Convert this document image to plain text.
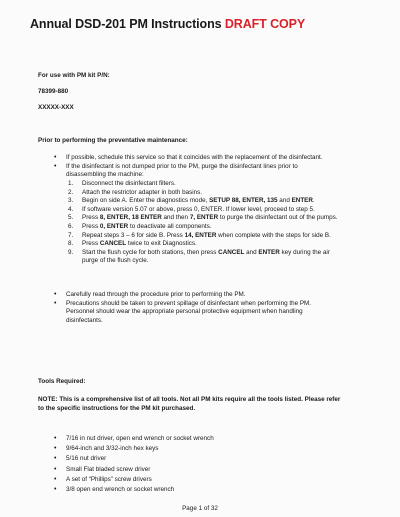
Annual DSD-201 PM Instructions DRAFT COPY
For use with PM kit P/N:
78399-880
XXXXX-XXX
Prior to performing the preventative maintenance:
• If possible, schedule this service so that it coincides with the replacement of the disinfectant.
• If the disinfectant is not dumped prior to the PM, purge the disinfectant lines prior to
disassembling the machine:
1. Disconnect the disinfectant filters.
2. Attach the restrictor adapter in both basins.
3. Begin on side A. Enter the diagnostics mode, SETUP 88, ENTER, 135 and ENTER.
4. If software version 5.07 or above, press 0, ENTER. If lower level, proceed to step 5.
5. Press 8, ENTER, 18 ENTER and then 7, ENTER to purge the disinfectant out of the pumps.
6. Press 0, ENTER to deactivate all components.
7. Repeat steps 3 – 6 for side B. Press 14, ENTER when complete with the steps for side B.
8. Press CANCEL twice to exit Diagnostics.
9. Start the flush cycle for both stations, then press CANCEL and ENTER key during the air
purge of the flush cycle.
• Carefully read through the procedure prior to performing the PM.
• Precautions should be taken to prevent spillage of disinfectant when performing the PM.
Personnel should wear the appropriate personal protective equipment when handling
disinfectants.
Tools Required:
NOTE: This is a comprehensive list of all tools. Not all PM kits require all the tools listed. Please refer
to the specific instructions for the PM kit purchased.
• 7/16 in nut driver, open end wrench or socket wrench
• 9/64-inch and 3/32-inch hex keys
• 5/16 nut driver
• Small Flat bladed screw driver
• A set of “Phillips” screw drivers
• 3/8 open end wrench or socket wrench
Page 1 of 32
